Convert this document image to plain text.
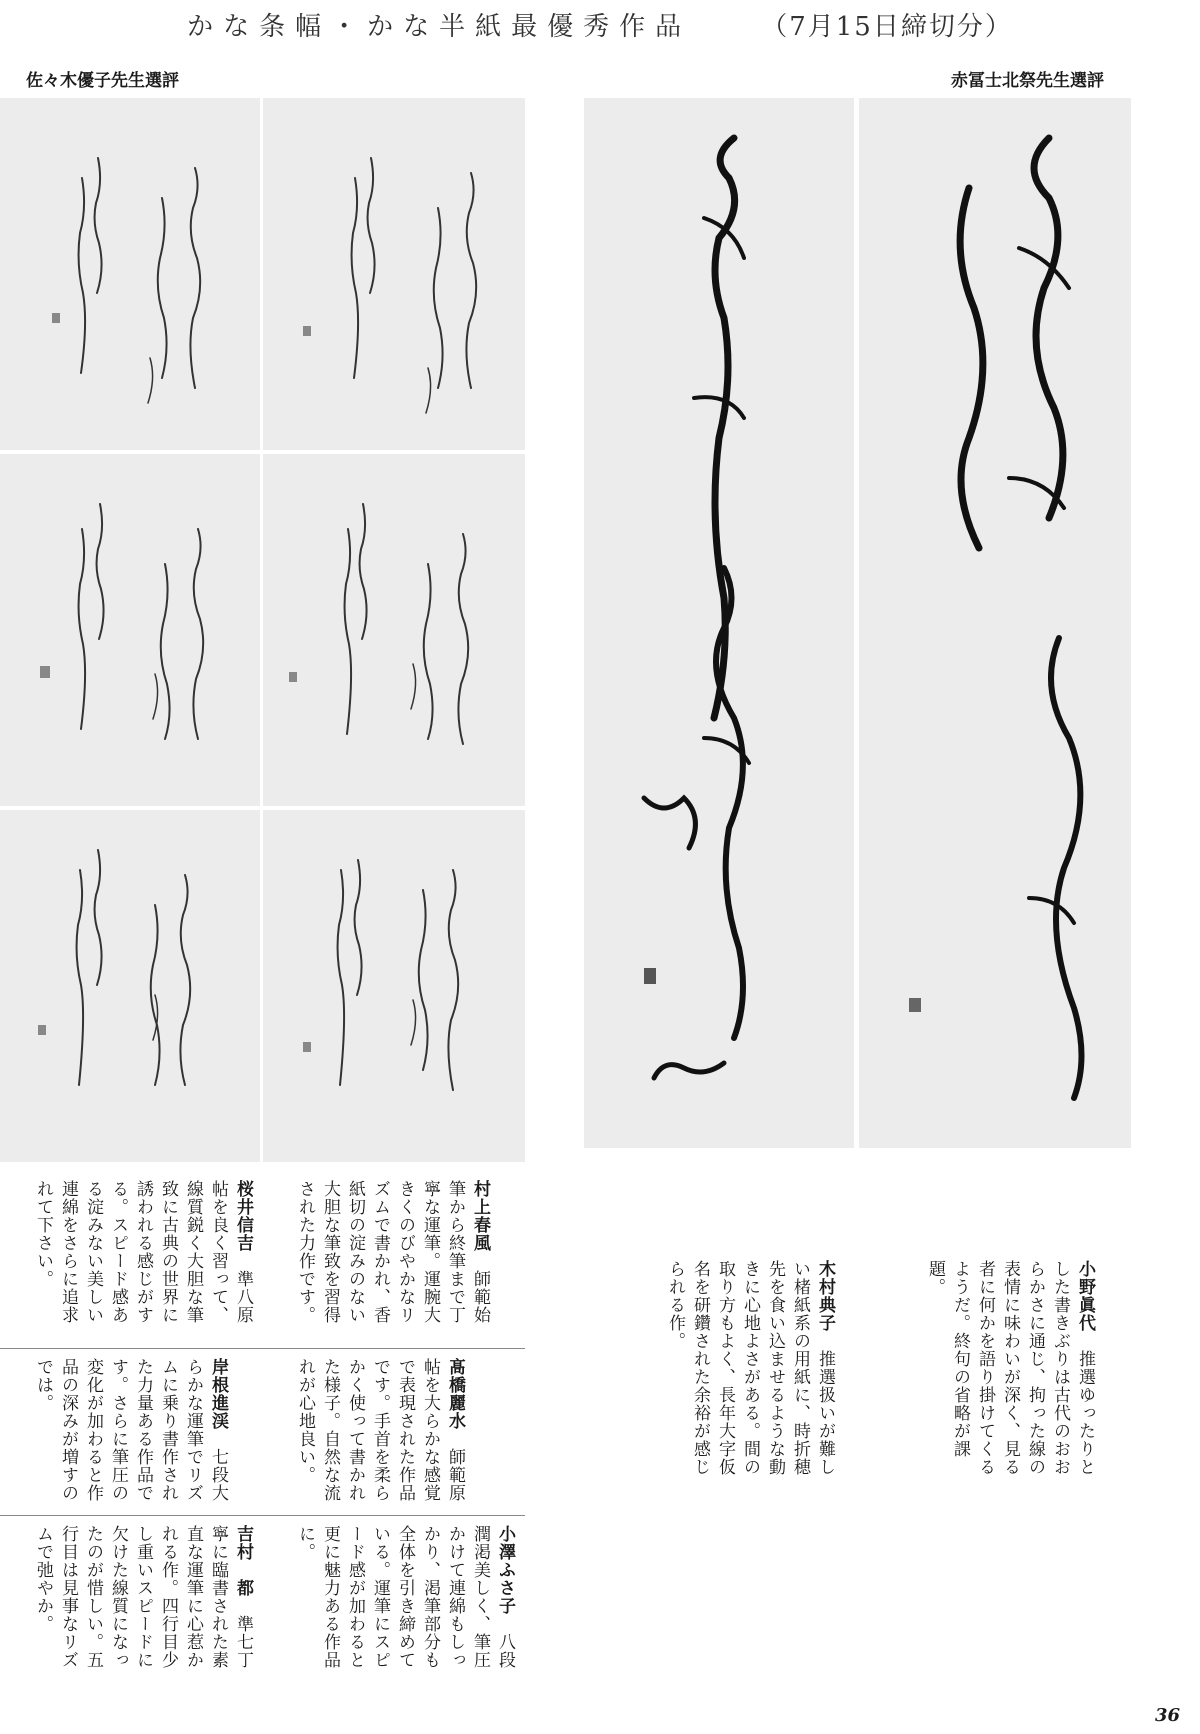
かな条幅・かな半紙最優秀作品	（7月15日締切分）
佐々木優子先生選評	赤冨士北祭先生選評
村上春風　師範始筆から終筆まで丁寧な運筆。運腕大きくのびやかなリズムで書かれ、香紙切の淀みのない大胆な筆致を習得された力作です。
桜井信吉　準八原帖を良く習って、線質鋭く大胆な筆致に古典の世界に誘われる感じがする。スピード感ある淀みない美しい連綿をさらに追求れて下さい。
髙橋麗水　師範原帖を大らかな感覚で表現された作品です。手首を柔らかく使って書かれた様子。自然な流れが心地良い。
岸根進渓　七段大らかな運筆でリズムに乗り書作された力量ある作品です。さらに筆圧の変化が加わると作品の深みが増すのでは。
小澤ふさ子　八段潤渇美しく、筆圧かけて連綿もしっかり、渇筆部分も全体を引き締めている。運筆にスピード感が加わると更に魅力ある作品に。
吉村　都　準七丁寧に臨書された素直な運筆に心惹かれる作。四行目少し重いスピードに欠けた線質になったのが惜しい。五行目は見事なリズムで弛やか。
小野眞代　推選ゆったりとした書きぶりは古代のおおらかさに通じ、拘った線の表情に味わいが深く、見る者に何かを語り掛けてくるようだ。終句の省略が課題。
木村典子　推選扱いが難しい楮紙系の用紙に、時折穂先を食い込ませるような動きに心地よさがある。間の取り方もよく、長年大字仮名を研鑽された余裕が感じられる作。
36
